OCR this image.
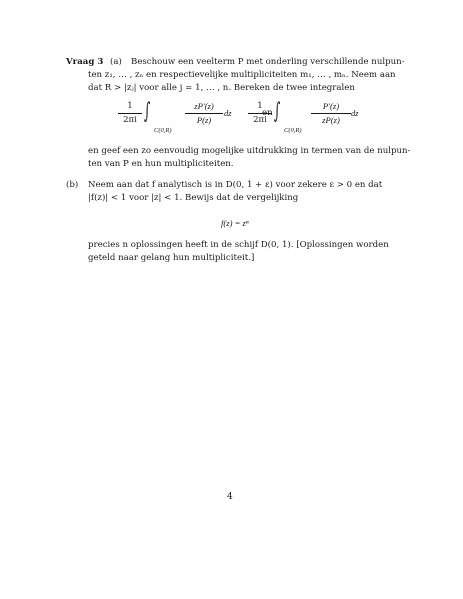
Vraag 3 (a) Beschouw een veelterm P met onderling verschillende nulpun-
ten z₁, … , zₙ en respectievelijke multipliciteiten m₁, … , mₙ. Neem aan
dat R > |zⱼ| voor alle j = 1, … , n. Bereken de twee integralen
$\frac{1}{2\pi i}$ ∫
C(0,R)
$\frac{zP'(z)}{P(z)}$ dz	en
$\frac{1}{2\pi i}$ ∫
C(0,R)
$\frac{P'(z)}{zP(z)}$ dz
en geef een zo eenvoudig mogelijke uitdrukking in termen van de nulpun-
ten van P en hun multipliciteiten.
(b) Neem aan dat f analytisch is in D(0, 1 + ε) voor zekere ε > 0 en dat
|f(z)| < 1 voor |z| < 1. Bewijs dat de vergelijking
f(z) = zⁿ
precies n oplossingen heeft in de schijf D(0, 1). [Oplossingen worden
geteld naar gelang hun multipliciteit.]
4
